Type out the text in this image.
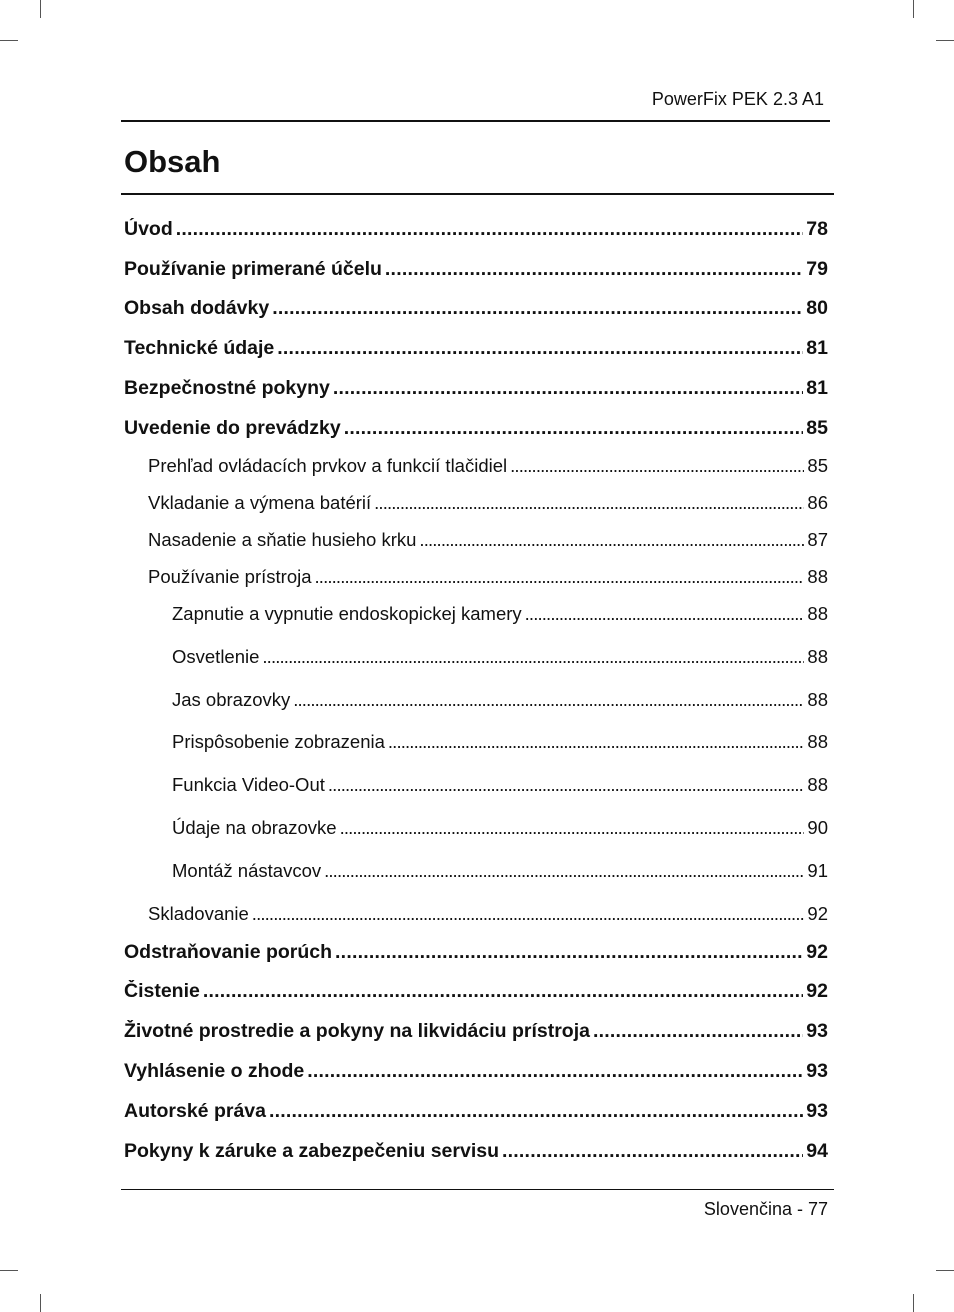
PowerFix PEK 2.3 A1
Obsah
Úvod . . .	78
Používanie primerané účelu . . .	79
Obsah dodávky . . .	80
Technické údaje . . .	81
Bezpečnostné pokyny . . .	81
Uvedenie do prevádzky . . .	85
Prehľad ovládacích prvkov a funkcií tlačidiel . . .	85
Vkladanie a výmena batérií . . .	86
Nasadenie a sňatie husieho krku . . .	87
Používanie prístroja . . .	88
Zapnutie a vypnutie endoskopickej kamery . . .	88
Osvetlenie . . .	88
Jas obrazovky . . .	88
Prispôsobenie zobrazenia . . .	88
Funkcia Video-Out . . .	88
Údaje na obrazovke . . .	90
Montáž nástavcov . . .	91
Skladovanie . . .	92
Odstraňovanie porúch . . .	92
Čistenie . . .	92
Životné prostredie a pokyny na likvidáciu prístroja . . .	93
Vyhlásenie o zhode . . .	93
Autorské práva . . .	93
Pokyny k záruke a zabezpečeniu servisu . . .	94
Slovenčina - 77
